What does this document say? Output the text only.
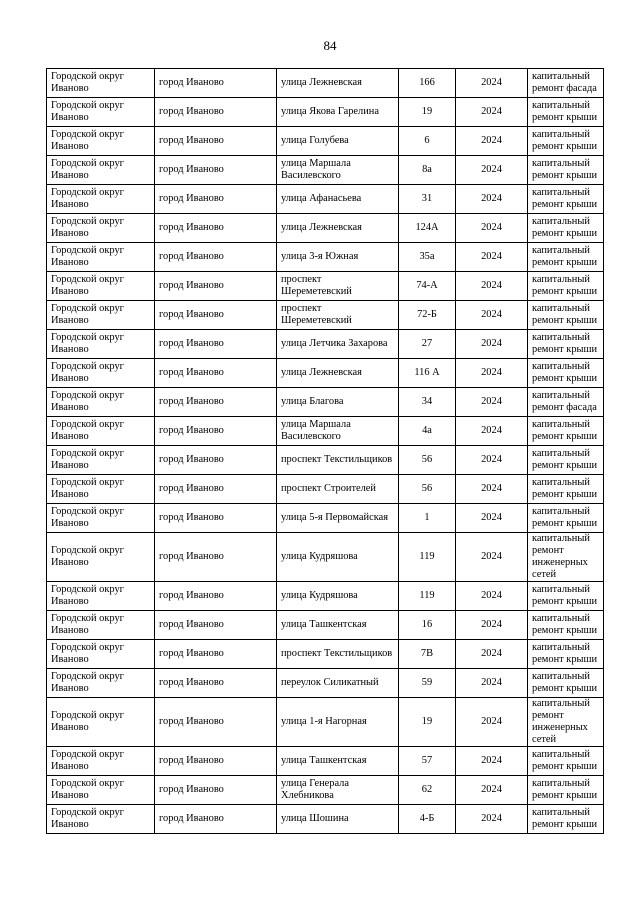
84
Городской округ Иваново	город Иваново	улица Лежневская	166	2024	капитальный ремонт фасада
Городской округ Иваново	город Иваново	улица Якова Гарелина	19	2024	капитальный ремонт крыши
Городской округ Иваново	город Иваново	улица Голубева	6	2024	капитальный ремонт крыши
Городской округ Иваново	город Иваново	улица Маршала Василевского	8а	2024	капитальный ремонт крыши
Городской округ Иваново	город Иваново	улица Афанасьева	31	2024	капитальный ремонт крыши
Городской округ Иваново	город Иваново	улица Лежневская	124А	2024	капитальный ремонт крыши
Городской округ Иваново	город Иваново	улица 3-я Южная	35а	2024	капитальный ремонт крыши
Городской округ Иваново	город Иваново	проспект Шереметевский	74-А	2024	капитальный ремонт крыши
Городской округ Иваново	город Иваново	проспект Шереметевский	72-Б	2024	капитальный ремонт крыши
Городской округ Иваново	город Иваново	улица Летчика Захарова	27	2024	капитальный ремонт крыши
Городской округ Иваново	город Иваново	улица Лежневская	116 А	2024	капитальный ремонт крыши
Городской округ Иваново	город Иваново	улица Благова	34	2024	капитальный ремонт фасада
Городской округ Иваново	город Иваново	улица Маршала Василевского	4а	2024	капитальный ремонт крыши
Городской округ Иваново	город Иваново	проспект Текстильщиков	56	2024	капитальный ремонт крыши
Городской округ Иваново	город Иваново	проспект Строителей	56	2024	капитальный ремонт крыши
Городской округ Иваново	город Иваново	улица 5-я Первомайская	1	2024	капитальный ремонт крыши
Городской округ Иваново	город Иваново	улица Кудряшова	119	2024	капитальный ремонт инженерных сетей
Городской округ Иваново	город Иваново	улица Кудряшова	119	2024	капитальный ремонт крыши
Городской округ Иваново	город Иваново	улица Ташкентская	16	2024	капитальный ремонт крыши
Городской округ Иваново	город Иваново	проспект Текстильщиков	7В	2024	капитальный ремонт крыши
Городской округ Иваново	город Иваново	переулок Силикатный	59	2024	капитальный ремонт крыши
Городской округ Иваново	город Иваново	улица 1-я Нагорная	19	2024	капитальный ремонт инженерных сетей
Городской округ Иваново	город Иваново	улица Ташкентская	57	2024	капитальный ремонт крыши
Городской округ Иваново	город Иваново	улица Генерала Хлебникова	62	2024	капитальный ремонт крыши
Городской округ Иваново	город Иваново	улица Шошина	4-Б	2024	капитальный ремонт крыши
